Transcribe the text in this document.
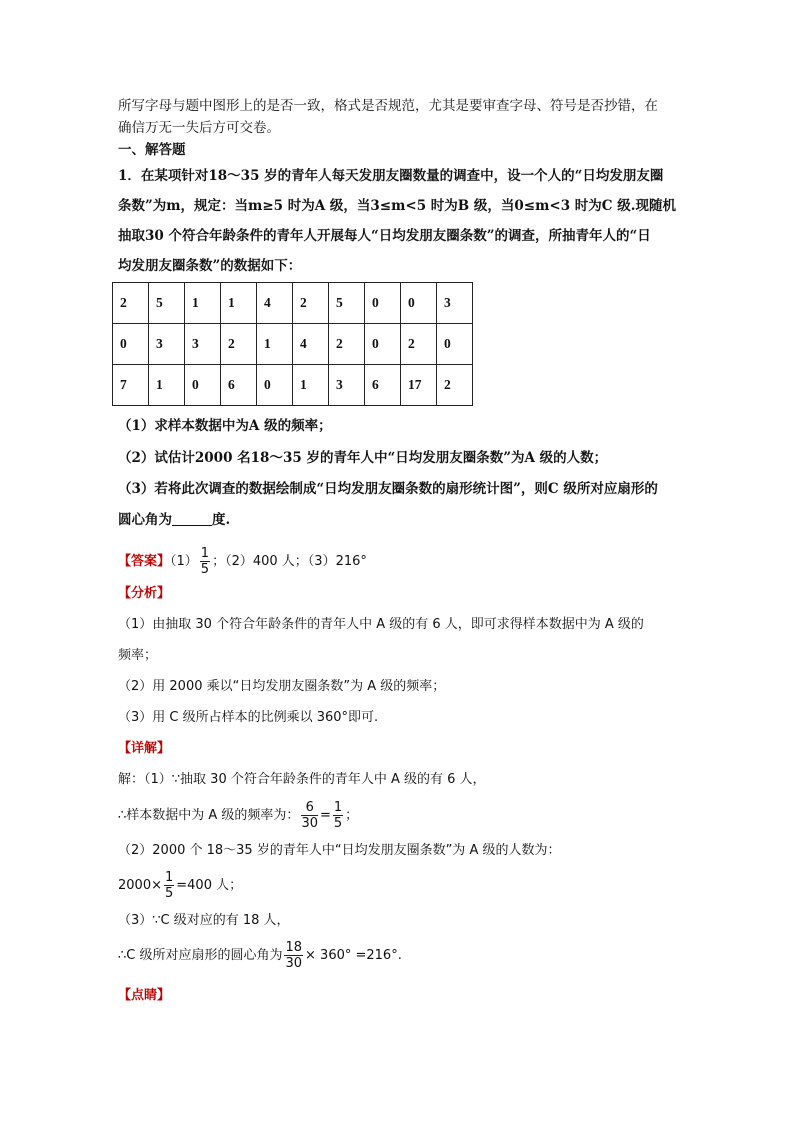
所写字母与题中图形上的是否一致，格式是否规范，尤其是要审查字母、符号是否抄错，在
确信万无一失后方可交卷。
一、解答题
1．在某项针对18～35 岁的青年人每天发朋友圈数量的调查中，设一个人的“日均发朋友圈
条数”为m，规定：当m≥5 时为A 级，当3≤m<5 时为B 级，当0≤m<3 时为C 级.现随机
抽取30 个符合年龄条件的青年人开展每人“日均发朋友圈条数”的调查，所抽青年人的“日
均发朋友圈条数”的数据如下：
2	5	1	1	4	2	5	0	0	3
0	3	3	2	1	4	2	0	2	0
7	1	0	6	0	1	3	6	17	2
（1）求样本数据中为A 级的频率；
（2）试估计2000 名18～35 岁的青年人中“日均发朋友圈条数”为A 级的人数；
（3）若将此次调查的数据绘制成“日均发朋友圈条数的扇形统计图”，则C 级所对应扇形的
圆心角为	度.
【答案】$(1) \frac{1}{5}$ ；（2）400 人；（3）216°
【分析】
（1）由抽取 30 个符合年龄条件的青年人中 A 级的有 6 人，即可求得样本数据中为 A 级的
频率；
（2）用 2000 乘以“日均发朋友圈条数”为 A 级的频率；
（3）用 C 级所占样本的比例乘以 360°即可.
【详解】
解：（1）∵抽取 30 个符合年龄条件的青年人中 A 级的有 6 人，
∴样本数据中为 A 级的频率为： $\frac{6}{30} = \frac{1}{5}$ ；
（2）2000 个 18～35 岁的青年人中“日均发朋友圈条数”为 A 级的人数为：
$2000\times \frac{1}{5} =400$ 人；
（3）∵C 级对应的有 18 人，
∴C 级所对应扇形的圆心角为 $\frac{18}{30} \times 360^\circ =216^\circ$.
【点睛】
